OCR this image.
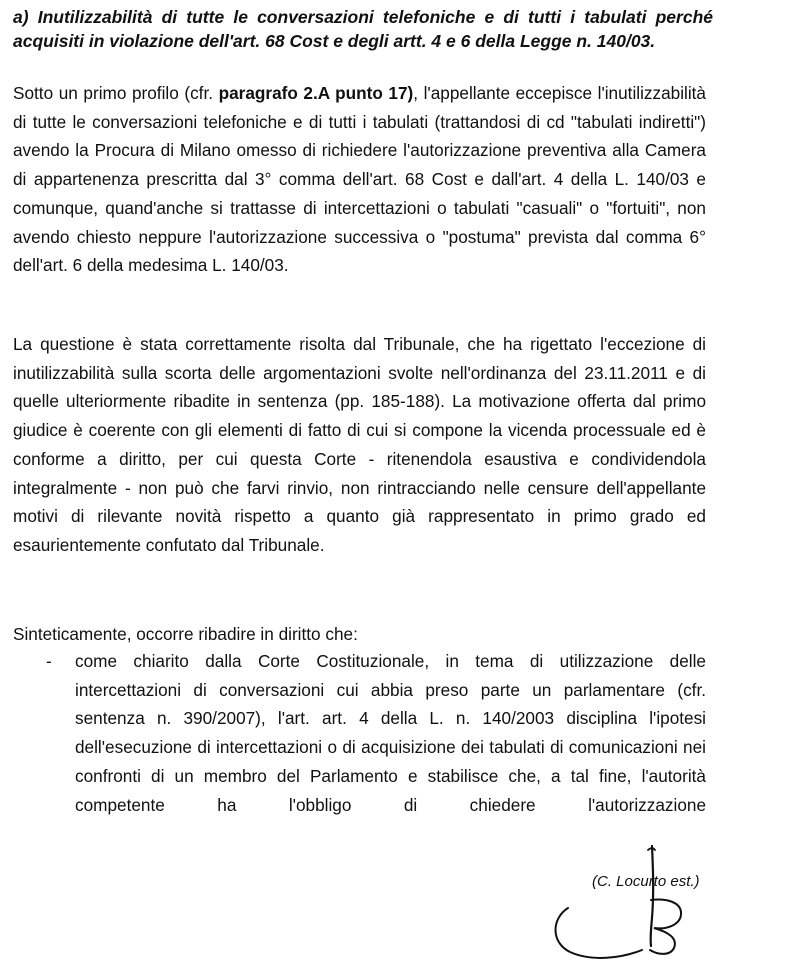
a) Inutilizzabilità di tutte le conversazioni telefoniche e di tutti i tabulati perché acquisiti in violazione dell'art. 68 Cost e degli artt. 4 e 6 della Legge n. 140/03.

Sotto un primo profilo (cfr. paragrafo 2.A punto 17), l'appellante eccepisce l'inutilizzabilità di tutte le conversazioni telefoniche e di tutti i tabulati (trattandosi di cd "tabulati indiretti") avendo la Procura di Milano omesso di richiedere l'autorizzazione preventiva alla Camera di appartenenza prescritta dal 3° comma dell'art. 68 Cost e dall'art. 4 della L. 140/03 e comunque, quand'anche si trattasse di intercettazioni o tabulati "casuali" o "fortuiti", non avendo chiesto neppure l'autorizzazione successiva o "postuma" prevista dal comma 6° dell'art. 6 della medesima L. 140/03.

La questione è stata correttamente risolta dal Tribunale, che ha rigettato l'eccezione di inutilizzabilità sulla scorta delle argomentazioni svolte nell'ordinanza del 23.11.2011 e di quelle ulteriormente ribadite in sentenza (pp. 185-188). La motivazione offerta dal primo giudice è coerente con gli elementi di fatto di cui si compone la vicenda processuale ed è conforme a diritto, per cui questa Corte - ritenendola esaustiva e condividendola integralmente - non può che farvi rinvio, non rintracciando nelle censure dell'appellante motivi di rilevante novità rispetto a quanto già rappresentato in primo grado ed esaurientemente confutato dal Tribunale.

Sinteticamente, occorre ribadire in diritto che:

- come chiarito dalla Corte Costituzionale, in tema di utilizzazione delle intercettazioni di conversazioni cui abbia preso parte un parlamentare (cfr. sentenza n. 390/2007), l'art. art. 4 della L. n. 140/2003 disciplina l'ipotesi dell'esecuzione di intercettazioni o di acquisizione dei tabulati di comunicazioni nei confronti di un membro del Parlamento e stabilisce che, a tal fine, l'autorità competente ha l'obbligo di chiedere l'autorizzazione
(C. Locurto est.)
